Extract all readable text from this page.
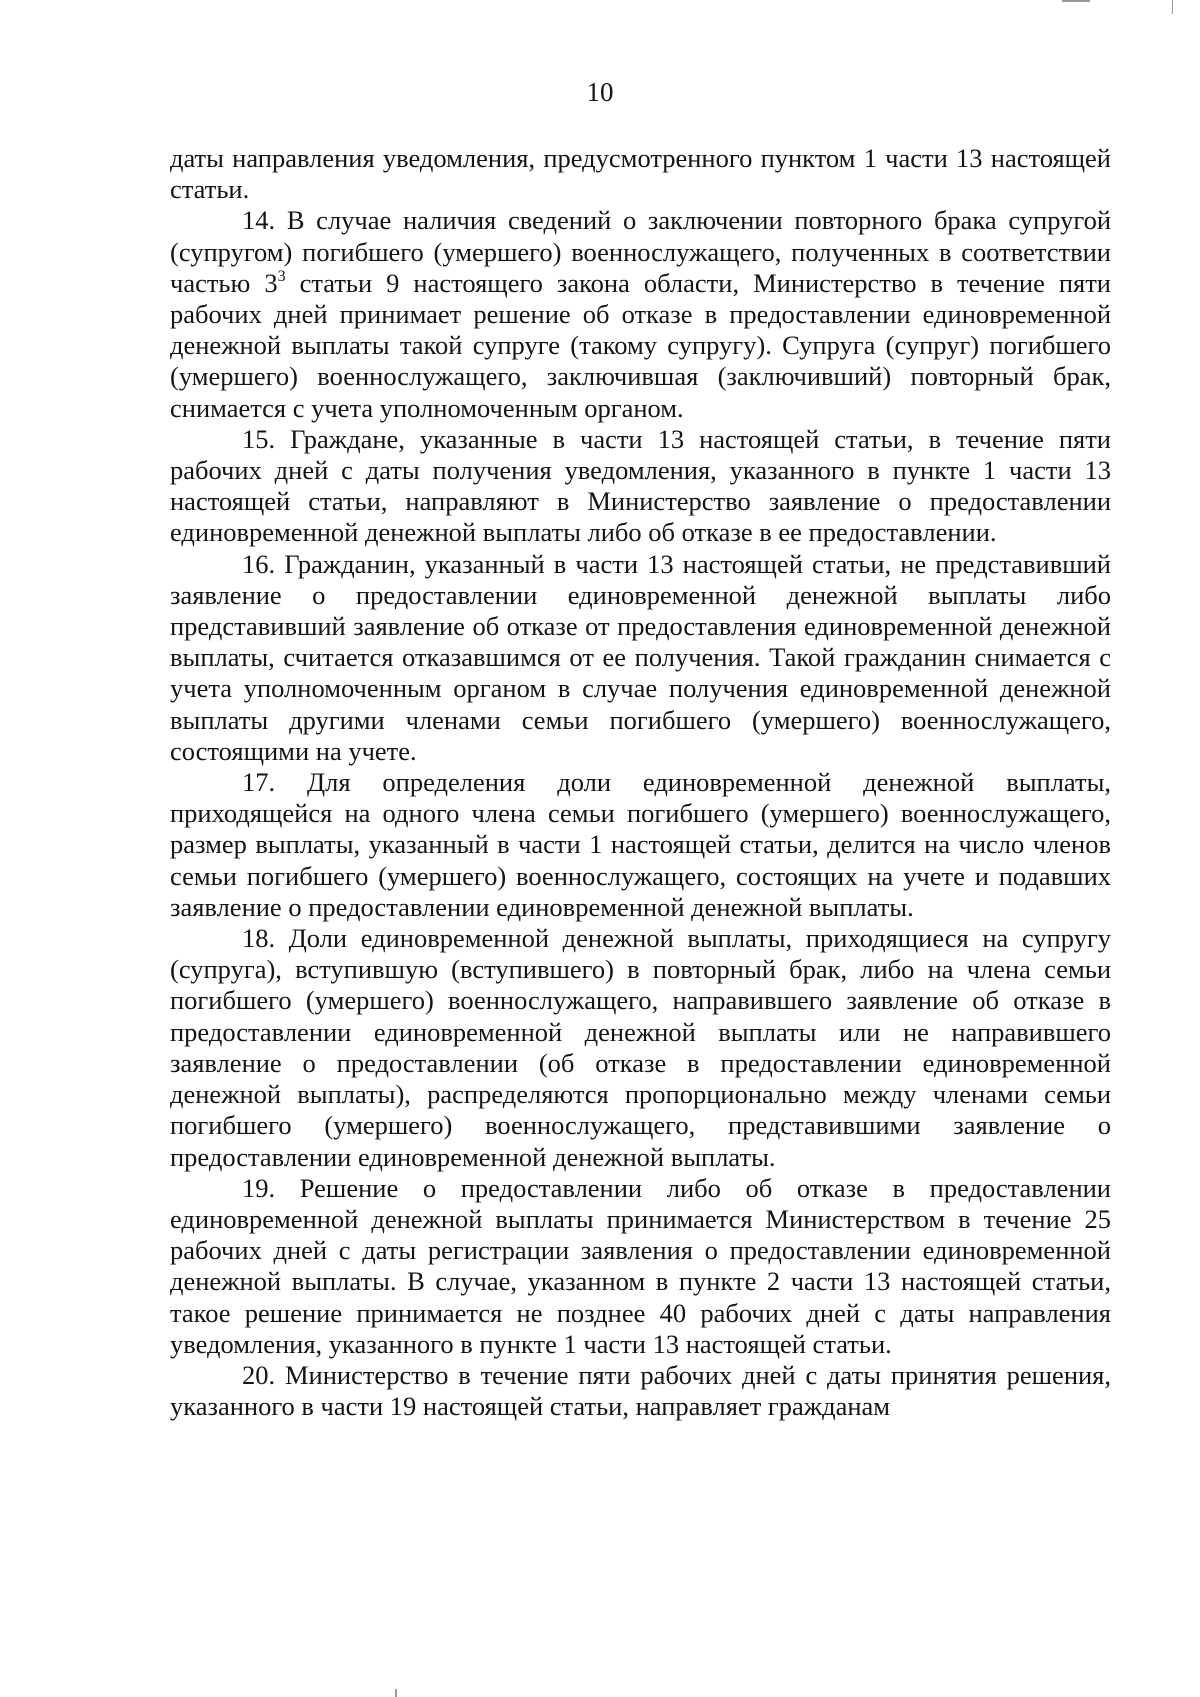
10

даты направления уведомления, предусмотренного пунктом 1 части 13 настоящей статьи.

14. В случае наличия сведений о заключении повторного брака супругой (супругом) погибшего (умершего) военнослужащего, полученных в соответствии частью $3^3$ статьи 9 настоящего закона области, Министерство в течение пяти рабочих дней принимает решение об отказе в предоставлении единовременной денежной выплаты такой супруге (такому супругу). Супруга (супруг) погибшего (умершего) военнослужащего, заключившая (заключивший) повторный брак, снимается с учета уполномоченным органом.

15. Граждане, указанные в части 13 настоящей статьи, в течение пяти рабочих дней с даты получения уведомления, указанного в пункте 1 части 13 настоящей статьи, направляют в Министерство заявление о предоставлении единовременной денежной выплаты либо об отказе в ее предоставлении.

16. Гражданин, указанный в части 13 настоящей статьи, не представивший заявление о предоставлении единовременной денежной выплаты либо представивший заявление об отказе от предоставления единовременной денежной выплаты, считается отказавшимся от ее получения. Такой гражданин снимается с учета уполномоченным органом в случае получения единовременной денежной выплаты другими членами семьи погибшего (умершего) военнослужащего, состоящими на учете.

17. Для определения доли единовременной денежной выплаты, приходящейся на одного члена семьи погибшего (умершего) военнослужащего, размер выплаты, указанный в части 1 настоящей статьи, делится на число членов семьи погибшего (умершего) военнослужащего, состоящих на учете и подавших заявление о предоставлении единовременной денежной выплаты.

18. Доли единовременной денежной выплаты, приходящиеся на супругу (супруга), вступившую (вступившего) в повторный брак, либо на члена семьи погибшего (умершего) военнослужащего, направившего заявление об отказе в предоставлении единовременной денежной выплаты или не направившего заявление о предоставлении (об отказе в предоставлении единовременной денежной выплаты), распределяются пропорционально между членами семьи погибшего (умершего) военнослужащего, представившими заявление о предоставлении единовременной денежной выплаты.

19. Решение о предоставлении либо об отказе в предоставлении единовременной денежной выплаты принимается Министерством в течение 25 рабочих дней с даты регистрации заявления о предоставлении единовременной денежной выплаты. В случае, указанном в пункте 2 части 13 настоящей статьи, такое решение принимается не позднее 40 рабочих дней с даты направления уведомления, указанного в пункте 1 части 13 настоящей статьи.

20. Министерство в течение пяти рабочих дней с даты принятия решения, указанного в части 19 настоящей статьи, направляет гражданам
